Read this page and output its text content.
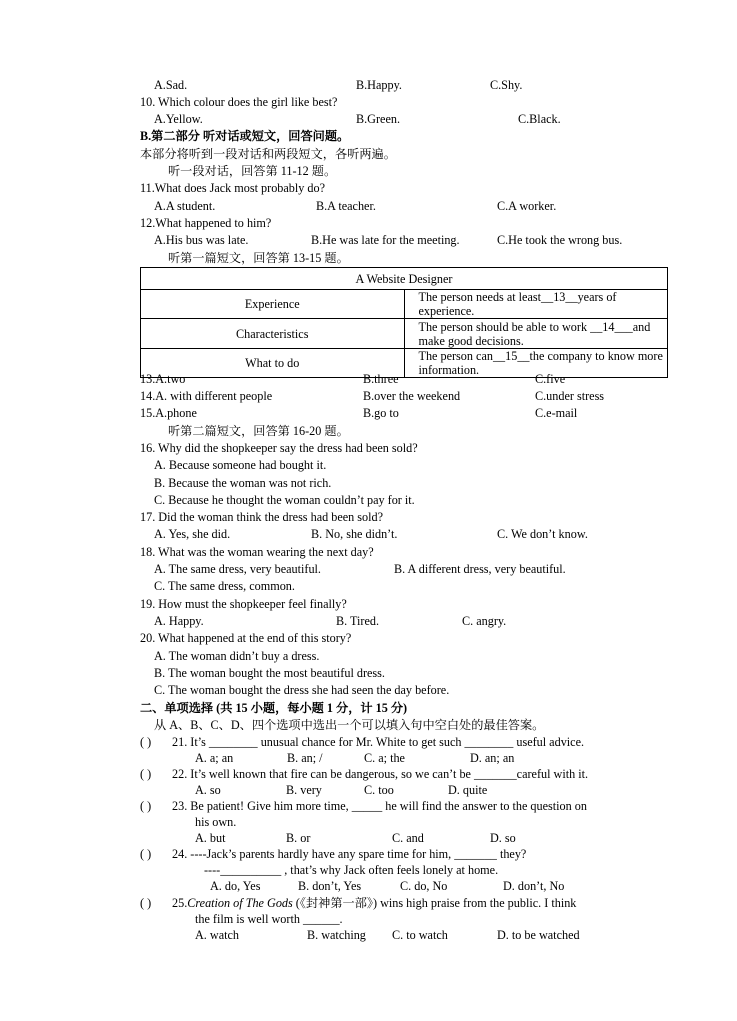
A.Sad.	B.Happy.	C.Shy.
10. Which colour does the girl like best?
A.Yellow.	B.Green.	C.Black.
B.第二部分 听对话或短文，回答问题。
本部分将听到一段对话和两段短文，各听两遍。
听一段对话，回答第 11-12 题。
11.What does Jack most probably do?
A.A student.	B.A teacher.	C.A worker.
12.What happened to him?
A.His bus was late.	B.He was late for the meeting.	C.He took the wrong bus.
听第一篇短文，回答第 13-15 题。
A Website Designer	
Experience	The person needs at least__13__years of experience.
Characteristics	The person should be able to work __14___and make good decisions.
What to do	The person can__15__the company to know more information.
13.A.two	B.three	C.five
14.A. with different people	B.over the weekend	C.under stress
15.A.phone	B.go to	C.e-mail
听第二篇短文，回答第 16-20 题。
16. Why did the shopkeeper say the dress had been sold?
A. Because someone had bought it.
B. Because the woman was not rich.
C. Because he thought the woman couldn’t pay for it.
17. Did the woman think the dress had been sold?
A. Yes, she did.	B. No, she didn’t.	C. We don’t know.
18. What was the woman wearing the next day?
A. The same dress, very beautiful.	B. A different dress, very beautiful.
C. The same dress, common.
19. How must the shopkeeper feel finally?
A. Happy.	B. Tired.	C. angry.
20. What happened at the end of this story?
A. The woman didn’t buy a dress.
B. The woman bought the most beautiful dress.
C. The woman bought the dress she had seen the day before.
二、单项选择 (共 15 小题，每小题 1 分，计 15 分)
从 A、B、C、D、四个选项中选出一个可以填入句中空白处的最佳答案。
( ) 21. It’s ________ unusual chance for Mr. White to get such ________ useful advice.
A. a; an	B. an; /	C. a; the	D. an; an
( ) 22. It’s well known that fire can be dangerous, so we can’t be _______careful with it.
A. so	B. very	C. too	D. quite
( ) 23. Be patient! Give him more time, _____ he will find the answer to the question on
his own.
A. but	B. or	C. and	D. so
( ) 24. ----Jack’s parents hardly have any spare time for him, _______ they?
----__________ , that’s why Jack often feels lonely at home.
A. do, Yes	B. don’t, Yes	C. do, No	D. don’t, No
( ) 25.Creation of The Gods (《封神第一部》) wins high praise from the public. I think
the film is well worth ______.
A. watch	B. watching C. to watch	D. to be watched
